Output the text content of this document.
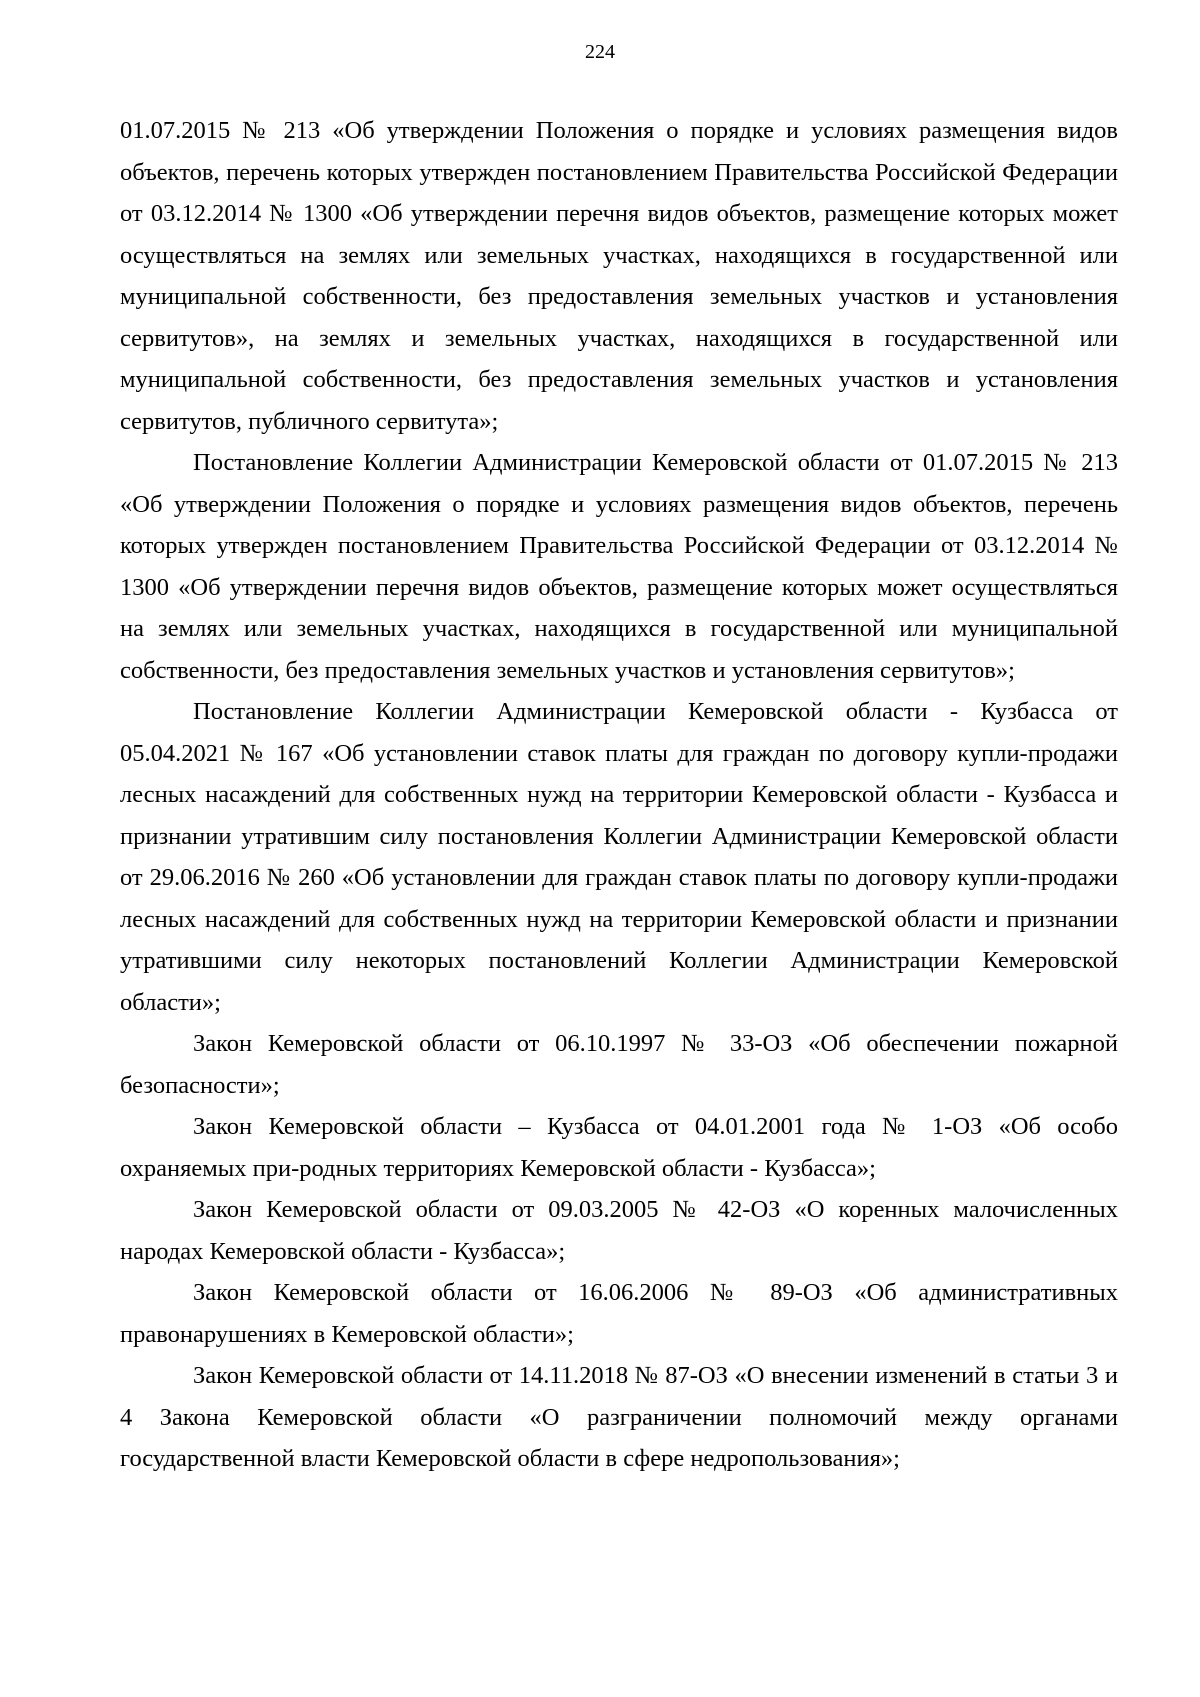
224

01.07.2015 № 213 «Об утверждении Положения о порядке и условиях размещения видов объектов, перечень которых утвержден постановлением Правительства Российской Федерации от 03.12.2014 № 1300 «Об утверждении перечня видов объектов, размещение которых может осуществляться на землях или земельных участках, находящихся в государственной или муниципальной собственности, без предоставления земельных участков и установления сервитутов», на землях и земельных участках, находящихся в государственной или муниципальной собственности, без предоставления земельных участков и установления сервитутов, публичного сервитута»;

Постановление Коллегии Администрации Кемеровской области от 01.07.2015 № 213 «Об утверждении Положения о порядке и условиях размещения видов объектов, перечень которых утвержден постановлением Правительства Российской Федерации от 03.12.2014 № 1300 «Об утверждении перечня видов объектов, размещение которых может осуществляться на землях или земельных участках, находящихся в государственной или муниципальной собственности, без предоставления земельных участков и установления сервитутов»;

Постановление Коллегии Администрации Кемеровской области - Кузбасса от 05.04.2021 № 167 «Об установлении ставок платы для граждан по договору купли-продажи лесных насаждений для собственных нужд на территории Кемеровской области - Кузбасса и признании утратившим силу постановления Коллегии Администрации Кемеровской области от 29.06.2016 № 260 «Об установлении для граждан ставок платы по договору купли-продажи лесных насаждений для собственных нужд на территории Кемеровской области и признании утратившими силу некоторых постановлений Коллегии Администрации Кемеровской области»;

Закон Кемеровской области от 06.10.1997 № 33-ОЗ «Об обеспечении пожарной безопасности»;

Закон Кемеровской области – Кузбасса от 04.01.2001 года № 1-ОЗ «Об особо охраняемых при-родных территориях Кемеровской области - Кузбасса»;

Закон Кемеровской области от 09.03.2005 № 42-ОЗ «О коренных малочисленных народах Кемеровской области - Кузбасса»;

Закон Кемеровской области от 16.06.2006 № 89-ОЗ «Об административных правонарушениях в Кемеровской области»;

Закон Кемеровской области от 14.11.2018 № 87-ОЗ «О внесении изменений в статьи 3 и 4 Закона Кемеровской области «О разграничении полномочий между органами государственной власти Кемеровской области в сфере недропользования»;
